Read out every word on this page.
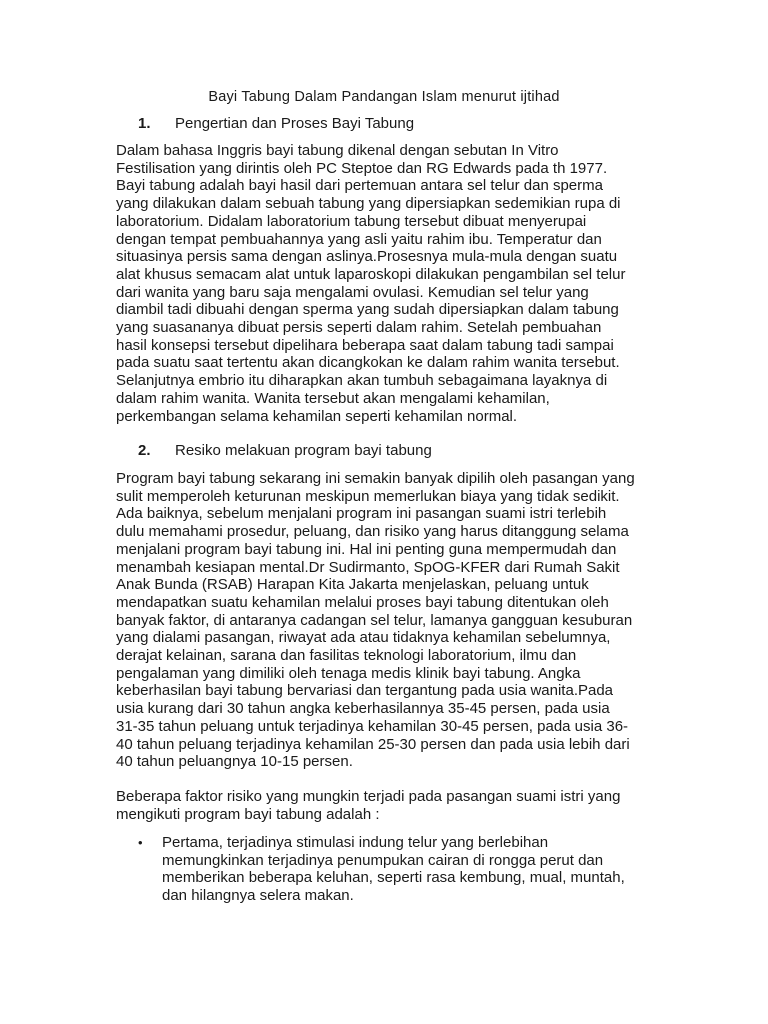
Bayi Tabung Dalam Pandangan Islam menurut ijtihad
1. Pengertian dan Proses Bayi Tabung
Dalam bahasa Inggris bayi tabung dikenal dengan sebutan In Vitro
Festilisation yang dirintis oleh PC Steptoe dan RG Edwards pada th 1977.
Bayi tabung adalah bayi hasil dari pertemuan antara sel telur dan sperma
yang dilakukan dalam sebuah tabung yang dipersiapkan sedemikian rupa di
laboratorium. Didalam laboratorium tabung tersebut dibuat menyerupai
dengan tempat pembuahannya yang asli yaitu rahim ibu. Temperatur dan
situasinya persis sama dengan aslinya.Prosesnya mula-mula dengan suatu
alat khusus semacam alat untuk laparoskopi dilakukan pengambilan sel telur
dari wanita yang baru saja mengalami ovulasi. Kemudian sel telur yang
diambil tadi dibuahi dengan sperma yang sudah dipersiapkan dalam tabung
yang suasananya dibuat persis seperti dalam rahim. Setelah pembuahan
hasil konsepsi tersebut dipelihara beberapa saat dalam tabung tadi sampai
pada suatu saat tertentu akan dicangkokan ke dalam rahim wanita tersebut.
Selanjutnya embrio itu diharapkan akan tumbuh sebagaimana layaknya di
dalam rahim wanita. Wanita tersebut akan mengalami kehamilan,
perkembangan selama kehamilan seperti kehamilan normal.
2. Resiko melakuan program bayi tabung
Program bayi tabung sekarang ini semakin banyak dipilih oleh pasangan yang
sulit memperoleh keturunan meskipun memerlukan biaya yang tidak sedikit.
Ada baiknya, sebelum menjalani program ini pasangan suami istri terlebih
dulu memahami prosedur, peluang, dan risiko yang harus ditanggung selama
menjalani program bayi tabung ini. Hal ini penting guna mempermudah dan
menambah kesiapan mental.Dr Sudirmanto, SpOG-KFER dari Rumah Sakit
Anak Bunda (RSAB) Harapan Kita Jakarta menjelaskan, peluang untuk
mendapatkan suatu kehamilan melalui proses bayi tabung ditentukan oleh
banyak faktor, di antaranya cadangan sel telur, lamanya gangguan kesuburan
yang dialami pasangan, riwayat ada atau tidaknya kehamilan sebelumnya,
derajat kelainan, sarana dan fasilitas teknologi laboratorium, ilmu dan
pengalaman yang dimiliki oleh tenaga medis klinik bayi tabung. Angka
keberhasilan bayi tabung bervariasi dan tergantung pada usia wanita.Pada
usia kurang dari 30 tahun angka keberhasilannya 35-45 persen, pada usia
31-35 tahun peluang untuk terjadinya kehamilan 30-45 persen, pada usia 36-
40 tahun peluang terjadinya kehamilan 25-30 persen dan pada usia lebih dari
40 tahun peluangnya 10-15 persen.
Beberapa faktor risiko yang mungkin terjadi pada pasangan suami istri yang
mengikuti program bayi tabung adalah :
• Pertama, terjadinya stimulasi indung telur yang berlebihan
memungkinkan terjadinya penumpukan cairan di rongga perut dan
memberikan beberapa keluhan, seperti rasa kembung, mual, muntah,
dan hilangnya selera makan.
